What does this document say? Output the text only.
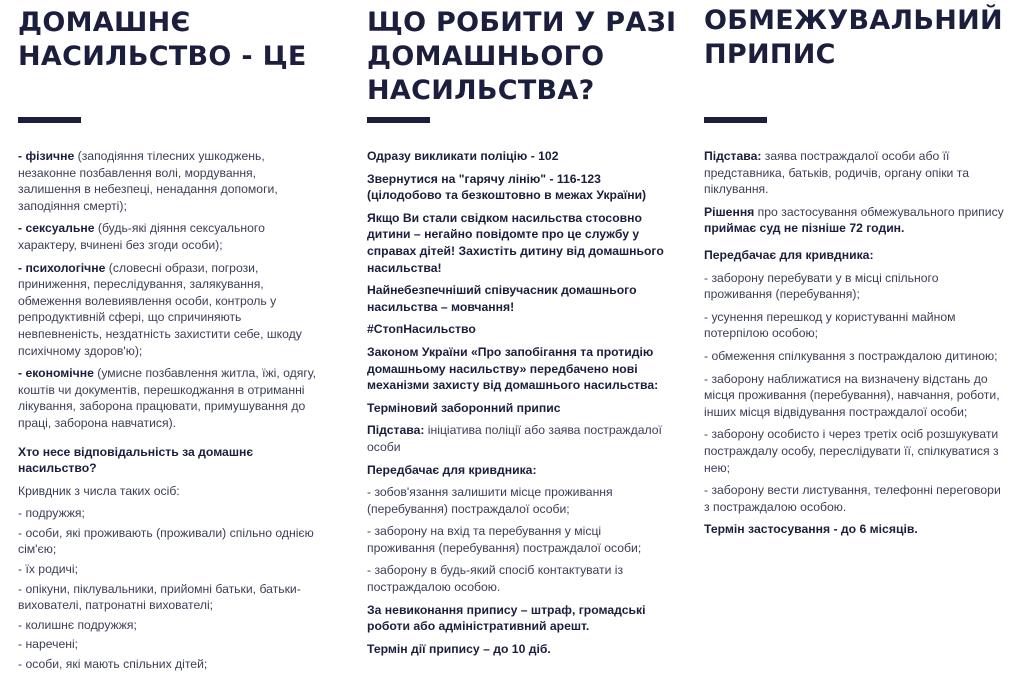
ДОМАШНЄ
НАСИЛЬСТВО - ЦЕ

- фізичне (заподіяння тілесних ушкоджень, незаконне позбавлення волі, мордування, залишення в небезпеці, ненадання допомоги, заподіяння смерті);

- сексуальне (будь-які діяння сексуального характеру, вчинені без згоди особи);

- психологічне (словесні образи, погрози, приниження, переслідування, залякування, обмеження волевиявлення особи, контроль у репродуктивній сфері, що спричиняють невпевненість, нездатність захистити себе, шкоду психічному здоров'ю);

- економічне (умисне позбавлення житла, їжі, одягу, коштів чи документів, перешкоджання в отриманні лікування, заборона працювати, примушування до праці, заборона навчатися).

Хто несе відповідальність за домашнє насильство?

Кривдник з числа таких осіб:

- подружжя;

- особи, які проживають (проживали) спільно однією сім'єю;

- їх родичі;

- опікуни, піклувальники, прийомні батьки, батьки-вихователі, патронатні вихователі;

- колишнє подружжя;

- наречені;

- особи, які мають спільних дітей;

ЩО РОБИТИ У РАЗІ
ДОМАШНЬОГО
НАСИЛЬСТВА?

Одразу викликати поліцію - 102

Звернутися на "гарячу лінію" - 116-123 (цілодобово та безкоштовно в межах України)

Якщо Ви стали свідком насильства стосовно дитини – негайно повідомте про це службу у справах дітей! Захистіть дитину від домашнього насильства!

Найнебезпечніший співучасник домашнього насильства – мовчання!

#СтопНасильство

Законом України «Про запобігання та протидію домашньому насильству» передбачено нові механізми захисту від домашнього насильства:

Терміновий заборонний припис

Підстава: ініціатива поліції або заява постраждалої особи

Передбачає для кривдника:

- зобов'язання залишити місце проживання (перебування) постраждалої особи;

- заборону на вхід та перебування у місці проживання (перебування) постраждалої особи;

- заборону в будь-який спосіб контактувати із постраждалою особою.

За невиконання припису – штраф, громадські роботи або адміністративний арешт.

Термін дії припису – до 10 діб.

ОБМЕЖУВАЛЬНИЙ
ПРИПИС

Підстава: заява постраждалої особи або її представника, батьків, родичів, органу опіки та піклування.

Рішення про застосування обмежувального припису приймає суд не пізніше 72 годин.

Передбачає для кривдника:

- заборону перебувати у в місці спільного проживання (перебування);

- усунення перешкод у користуванні майном потерпілою особою;

- обмеження спілкування з постраждалою дитиною;

- заборону наближатися на визначену відстань до місця проживання (перебування), навчання, роботи, інших місця відвідування постраждалої особи;

- заборону особисто і через третіх осіб розшукувати постраждалу особу, переслідувати її, спілкуватися з нею;

- заборону вести листування, телефонні переговори з постраждалою особою.

Термін застосування - до 6 місяців.
